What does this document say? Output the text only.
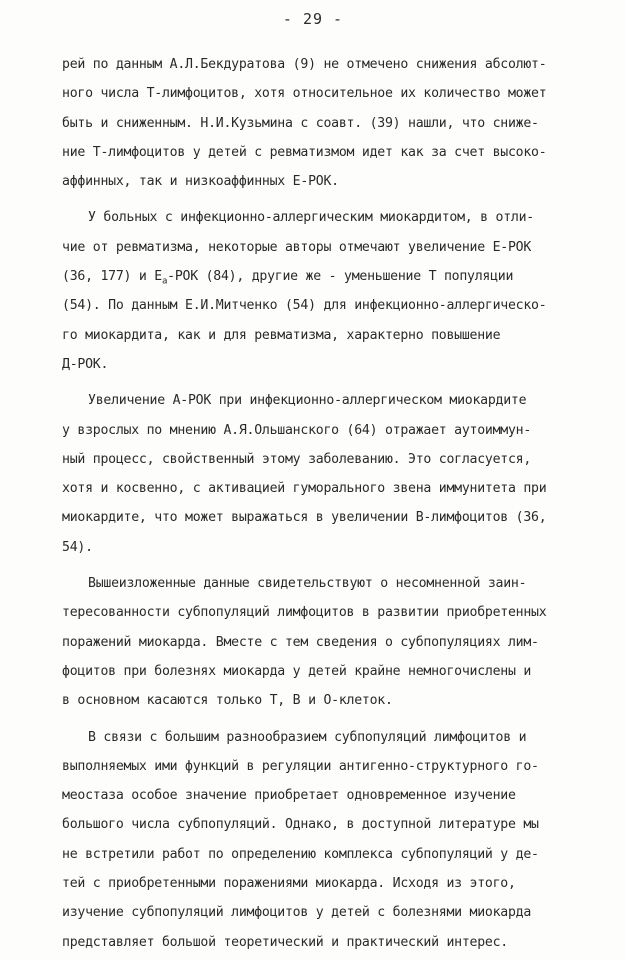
- 29 -
рей по данным А.Л.Бекдуратова (9) не отмечено снижения абсолют-
ного числа Т-лимфоцитов, хотя относительное их количество может
быть и сниженным. Н.И.Кузьмина с соавт. (39) нашли, что сниже-
ние Т-лимфоцитов у детей с ревматизмом идет как за счет высоко-
аффинных, так и низкоаффинных Е-РОК.
У больных с инфекционно-аллергическим миокардитом, в отли-
чие от ревматизма, некоторые авторы отмечают увеличение Е-РОК
(36, 177) и $Е_а$-РОК (84), другие же - уменьшение Т популяции
(54). По данным Е.И.Митченко (54) для инфекционно-аллергическо-
го миокардита, как и для ревматизма, характерно повышение
Д-РОК.
Увеличение А-РОК при инфекционно-аллергическом миокардите
у взрослых по мнению А.Я.Ольшанского (64) отражает аутоиммун-
ный процесс, свойственный этому заболеванию. Это согласуется,
хотя и косвенно, с активацией гуморального звена иммунитета при
миокардите, что может выражаться в увеличении В-лимфоцитов (36,
54).
Вышеизложенные данные свидетельствуют о несомненной заин-
тересованности субпопуляций лимфоцитов в развитии приобретенных
поражений миокарда. Вместе с тем сведения о субпопуляциях лим-
фоцитов при болезнях миокарда у детей крайне немногочислены и
в основном касаются только Т, В и О-клеток.
В связи с большим разнообразием субпопуляций лимфоцитов и
выполняемых ими функций в регуляции антигенно-структурного го-
меостаза особое значение приобретает одновременное изучение
большого числа субпопуляций. Однако, в доступной литературе мы
не встретили работ по определению комплекса субпопуляций у де-
тей с приобретенными поражениями миокарда. Исходя из этого,
изучение субпопуляций лимфоцитов у детей с болезнями миокарда
представляет большой теоретический и практический интерес.
